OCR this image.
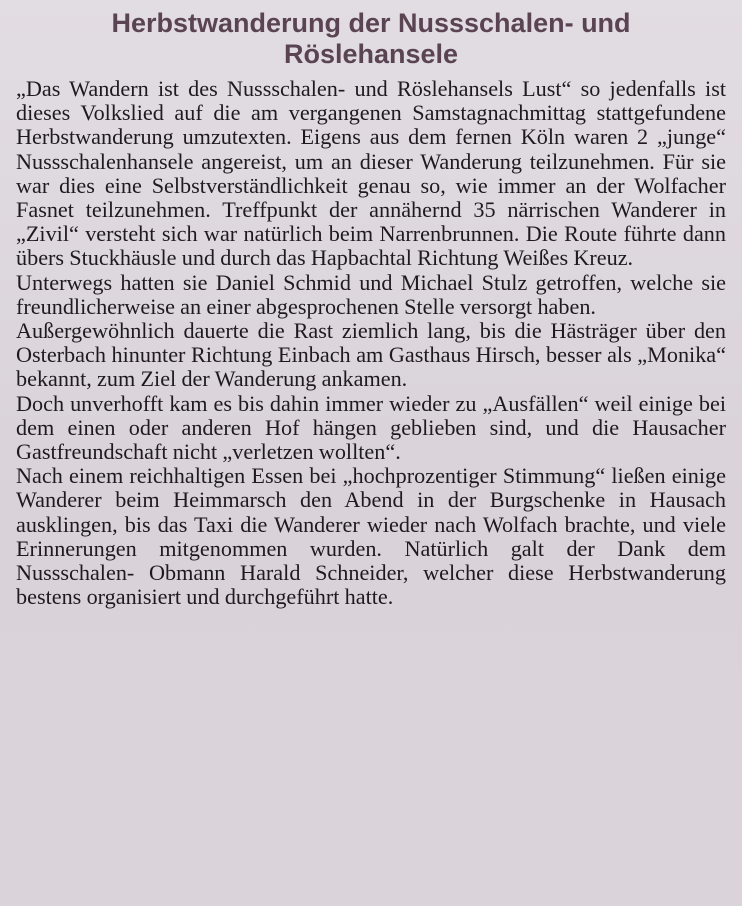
Herbstwanderung der Nussschalen- und
Röslehansele

„Das Wandern ist des Nussschalen- und Röslehansels Lust“ so jedenfalls ist dieses Volkslied auf die am vergangenen Samstagnachmittag stattgefundene Herbstwanderung umzutexten. Eigens aus dem fernen Köln waren 2 „junge“ Nussschalenhansele angereist, um an dieser Wanderung teilzunehmen. Für sie war dies eine Selbstverständlichkeit genau so, wie immer an der Wolfacher Fasnet teilzunehmen. Treffpunkt der annähernd 35 närrischen Wanderer in „Zivil“ versteht sich war natürlich beim Narrenbrunnen. Die Route führte dann übers Stuckhäusle und durch das Hapbachtal Richtung Weißes Kreuz.

Unterwegs hatten sie Daniel Schmid und Michael Stulz getroffen, welche sie freundlicherweise an einer abgesprochenen Stelle versorgt haben.

Außergewöhnlich dauerte die Rast ziemlich lang, bis die Hästräger über den Osterbach hinunter Richtung Einbach am Gasthaus Hirsch, besser als „Monika“ bekannt, zum Ziel der Wanderung ankamen.

Doch unverhofft kam es bis dahin immer wieder zu „Ausfällen“ weil einige bei dem einen oder anderen Hof hängen geblieben sind, und die Hausacher Gastfreundschaft nicht „verletzen wollten“.

Nach einem reichhaltigen Essen bei „hochprozentiger Stimmung“ ließen einige Wanderer beim Heimmarsch den Abend in der Burgschenke in Hausach ausklingen, bis das Taxi die Wanderer wieder nach Wolfach brachte, und viele Erinnerungen mitgenommen wurden. Natürlich galt der Dank dem Nussschalen- Obmann Harald Schneider, welcher diese Herbstwanderung bestens organisiert und durchgeführt hatte.
